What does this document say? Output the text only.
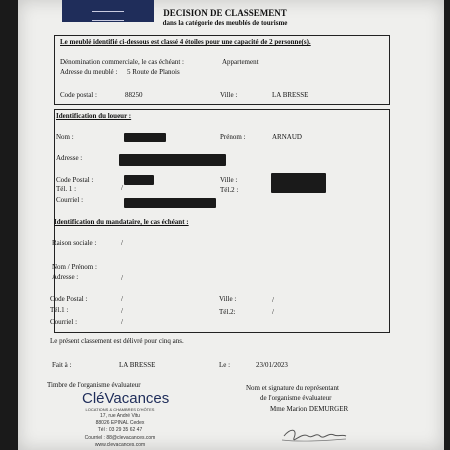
DECISION DE CLASSEMENT
dans la catégorie des meublés de tourisme
Le meublé identifié ci-dessous est classé 4 étoiles pour une capacité de 2 personne(s).
Dénomination commerciale, le cas échéant :	Appartement
Adresse du meublé : 5 Route de Planois
Code postal :	88250	Ville :	LA BRESSE
Identification du loueur :
Nom :	Prénom :	ARNAUD
Adresse :
Code Postal :	Ville :
Tél. 1 :	/	Tél.2 :
Courriel :
Identification du mandataire, le cas échéant :
Raison sociale :	/
Nom / Prénom :
Adresse :	/
Code Postal :	/	Ville :	/
Tél.1 :	/	Tél.2:	/
Courriel :	/
Le présent classement est délivré pour cinq ans.
Fait à :	LA BRESSE	Le :	23/01/2023
Timbre de l'organisme évaluateur	Nom et signature du représentant
de l'organisme évaluateur
Mme Marion DEMURGER
CléVacances
LOCATIONS & CHAMBRES D'HÔTES
17, rue André Vitu
88026 EPINAL Cedex
Tél : 03 29 35 62 47
Courriel : 88@clevacances.com
www.clevacances.com
